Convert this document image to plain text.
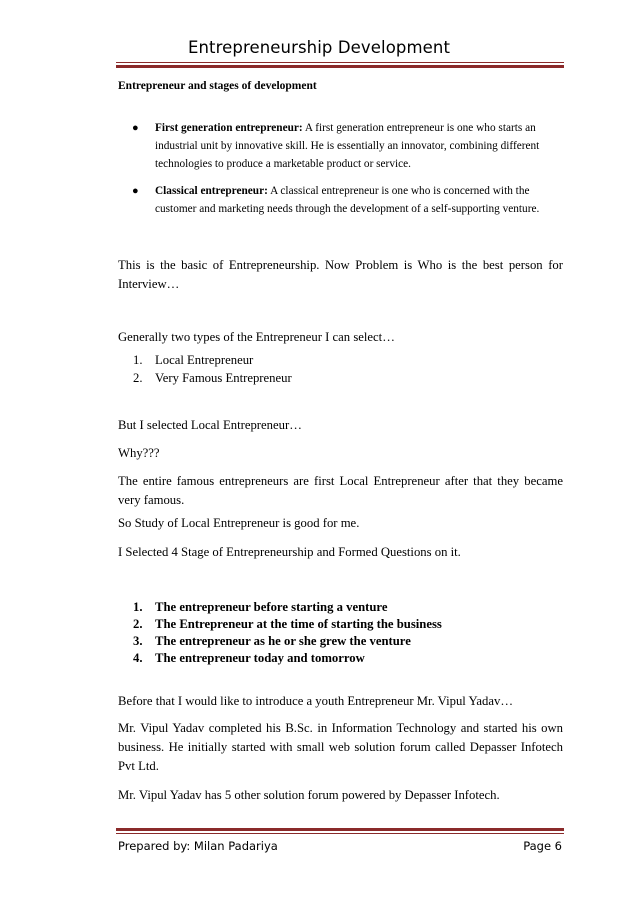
Entrepreneurship Development
Entrepreneur and stages of development
● First generation entrepreneur: A first generation entrepreneur is one who starts an
industrial unit by innovative skill. He is essentially an innovator, combining different
technologies to produce a marketable product or service.
● Classical entrepreneur: A classical entrepreneur is one who is concerned with the
customer and marketing needs through the development of a self-supporting venture.
This is the basic of Entrepreneurship. Now Problem is Who is the best person for Interview…
Generally two types of the Entrepreneur I can select…
1. Local Entrepreneur
2. Very Famous Entrepreneur
But I selected Local Entrepreneur…
Why???
The entire famous entrepreneurs are first Local Entrepreneur after that they became very famous.
So Study of Local Entrepreneur is good for me.
I Selected 4 Stage of Entrepreneurship and Formed Questions on it.
1. The entrepreneur before starting a venture
2. The Entrepreneur at the time of starting the business
3. The entrepreneur as he or she grew the venture
4. The entrepreneur today and tomorrow
Before that I would like to introduce a youth Entrepreneur Mr. Vipul Yadav…
Mr. Vipul Yadav completed his B.Sc. in Information Technology and started his own business. He initially started with small web solution forum called Depasser Infotech Pvt Ltd.
Mr. Vipul Yadav has 5 other solution forum powered by Depasser Infotech.
Prepared by: Milan Padariya	Page 6
